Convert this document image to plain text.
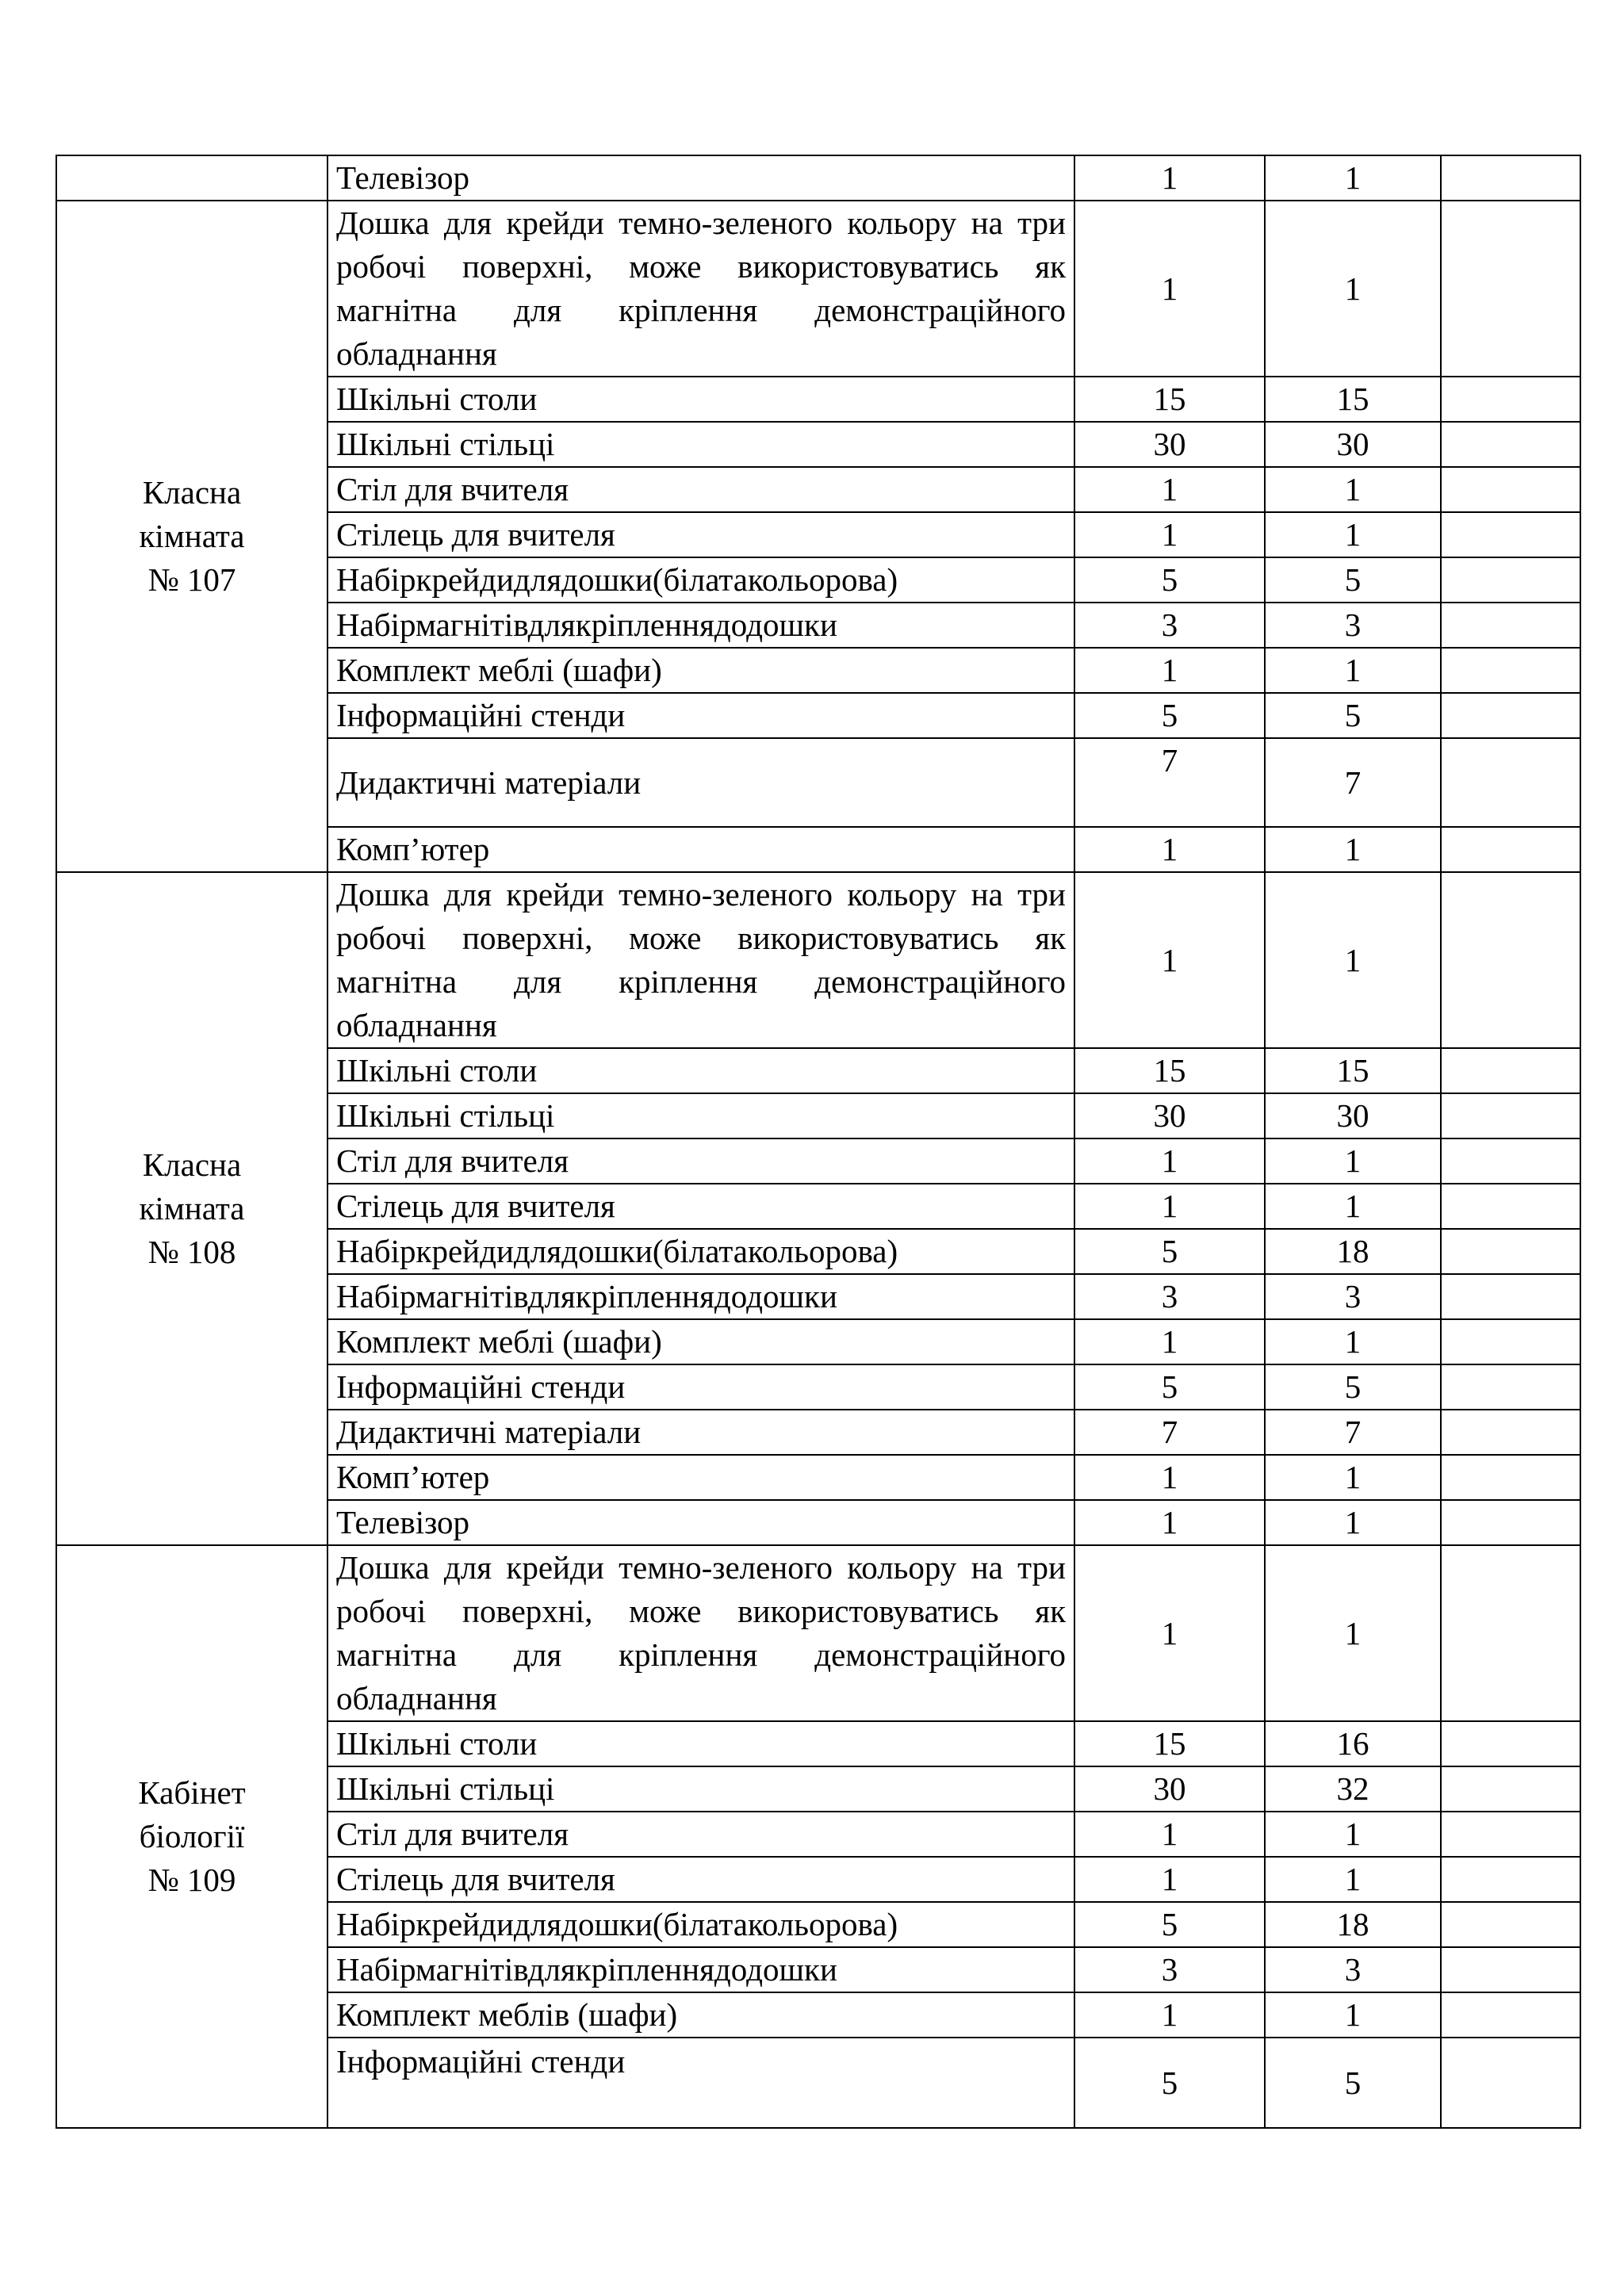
	Телевізор	1	1	
Класна
кімната
№ 107	Дошка для крейди темно-зеленого кольору на три робочі поверхні, може використовуватись як магнітна для кріплення демонстраційного обладнання	1	1	
	Шкільні столи	15	15	
	Шкільні стільці	30	30	
	Стіл для вчителя	1	1	
	Стілець для вчителя	1	1	
	Набіркрейдидлядошки(білатакольорова)	5	5	
	Набірмагнітівдлякріпленнядодошки	3	3	
	Комплект меблі (шафи)	1	1	
	Інформаційні стенди	5	5	
	Дидактичні матеріали	7	7	
	Комп’ютер	1	1	
Класна
кімната
№ 108	Дошка для крейди темно-зеленого кольору на три робочі поверхні, може використовуватись як магнітна для кріплення демонстраційного обладнання	1	1	
	Шкільні столи	15	15	
	Шкільні стільці	30	30	
	Стіл для вчителя	1	1	
	Стілець для вчителя	1	1	
	Набіркрейдидлядошки(білатакольорова)	5	18	
	Набірмагнітівдлякріпленнядодошки	3	3	
	Комплект меблі (шафи)	1	1	
	Інформаційні стенди	5	5	
	Дидактичні матеріали	7	7	
	Комп’ютер	1	1	
	Телевізор	1	1	
Кабінет
біології
№ 109	Дошка для крейди темно-зеленого кольору на три робочі поверхні, може використовуватись як магнітна для кріплення демонстраційного обладнання	1	1	
	Шкільні столи	15	16	
	Шкільні стільці	30	32	
	Стіл для вчителя	1	1	
	Стілець для вчителя	1	1	
	Набіркрейдидлядошки(білатакольорова)	5	18	
	Набірмагнітівдлякріпленнядодошки	3	3	
	Комплект меблів (шафи)	1	1	
	Інформаційні стенди	5	5	
